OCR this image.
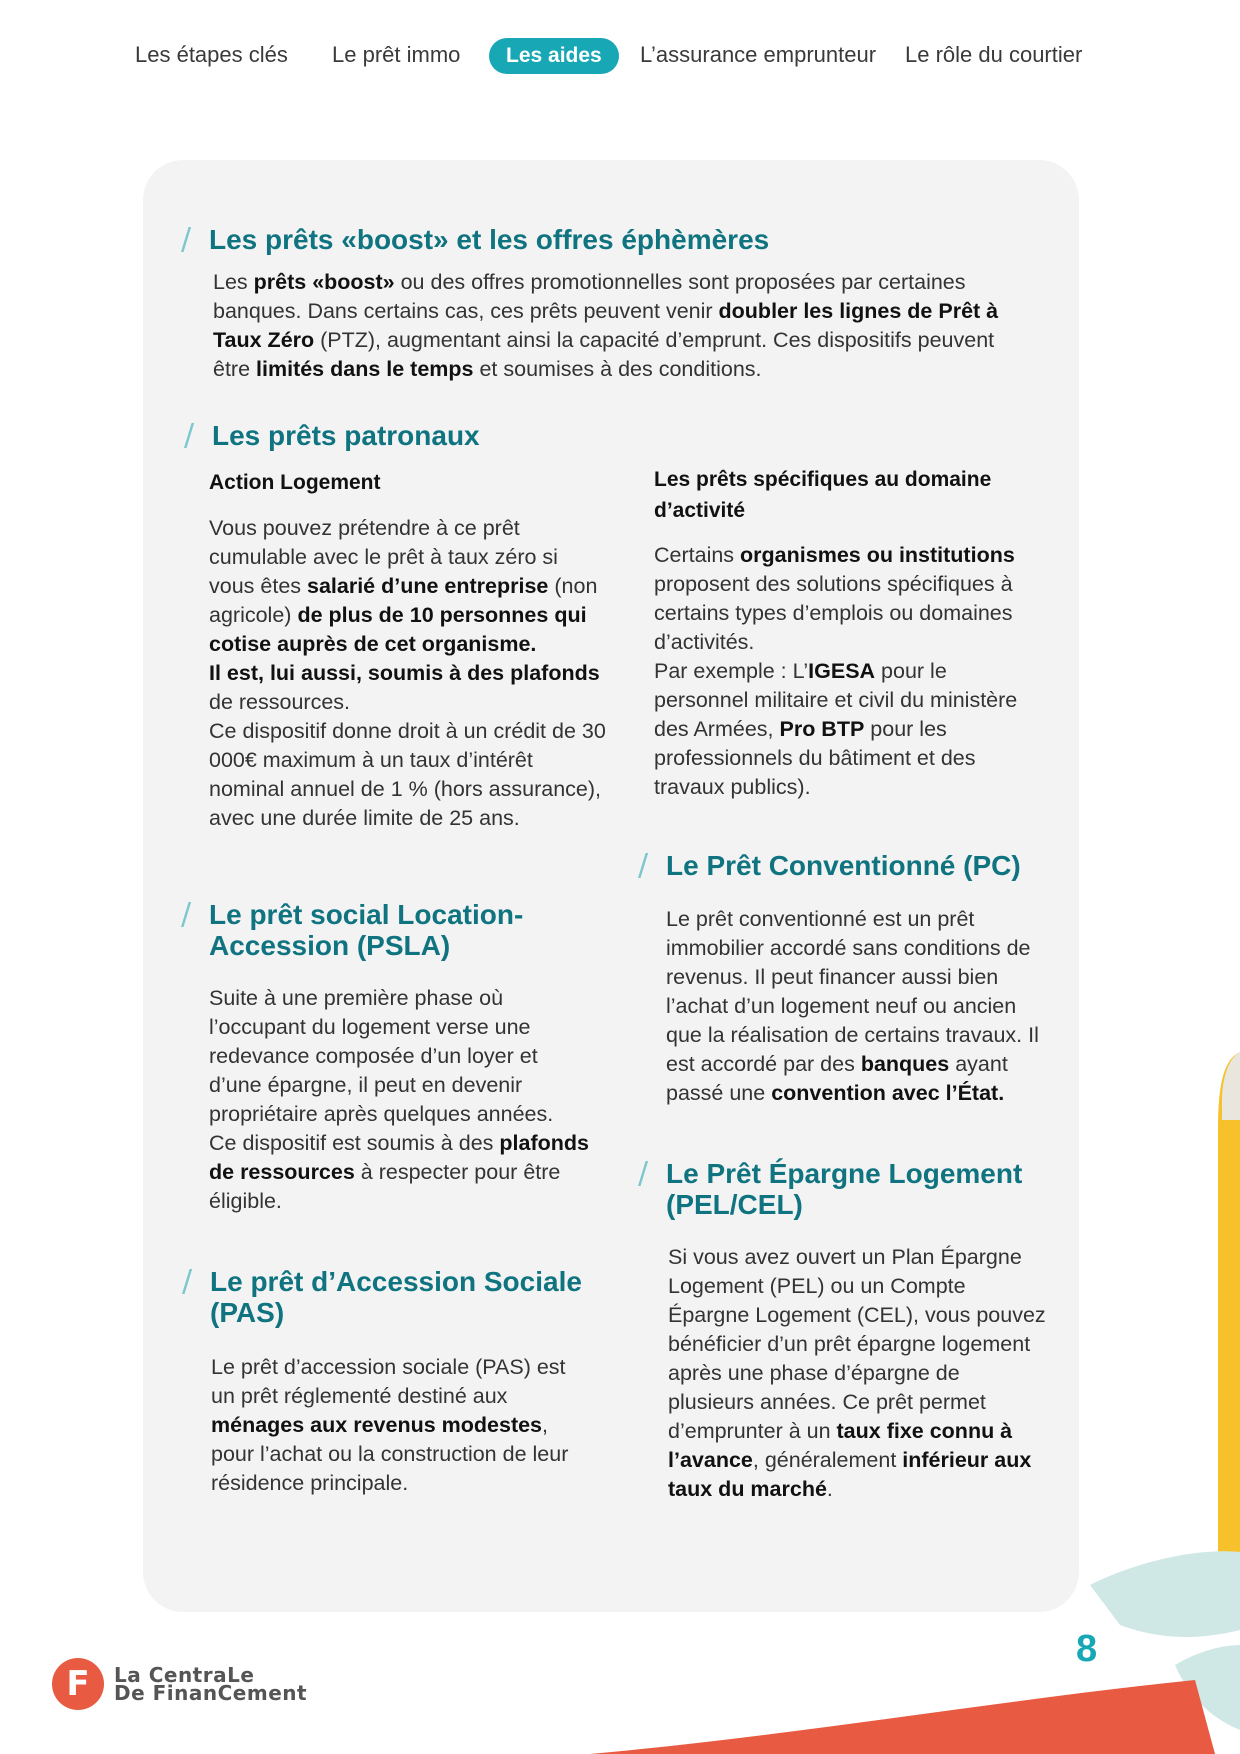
Les étapes clés Le prêt immo	Les aides	L’assurance emprunteur Le rôle du courtier
/ Les prêts «boost» et les offres éphèmères
Les prêts «boost» ou des offres promotionnelles sont proposées par certaines banques. Dans certains cas, ces prêts peuvent venir doubler les lignes de Prêt à Taux Zéro (PTZ), augmentant ainsi la capacité d’emprunt. Ces dispositifs peuvent être limités dans le temps et soumises à des conditions.
/ Les prêts patronaux
Action Logement
Vous pouvez prétendre à ce prêt cumulable avec le prêt à taux zéro si vous êtes salarié d’une entreprise (non agricole) de plus de 10 personnes qui cotise auprès de cet organisme.
Il est, lui aussi, soumis à des plafonds de ressources.
Ce dispositif donne droit à un crédit de 30 000€ maximum à un taux d’intérêt nominal annuel de 1 % (hors assurance), avec une durée limite de 25 ans.
Les prêts spécifiques au domaine d’activité
Certains organismes ou institutions proposent des solutions spécifiques à certains types d’emplois ou domaines d’activités.
Par exemple : L’IGESA pour le personnel militaire et civil du ministère des Armées, Pro BTP pour les professionnels du bâtiment et des travaux publics).
/ Le prêt social Location-Accession (PSLA)
Suite à une première phase où l’occupant du logement verse une redevance composée d’un loyer et d’une épargne, il peut en devenir propriétaire après quelques années.
Ce dispositif est soumis à des plafonds de ressources à respecter pour être éligible.
/ Le Prêt Conventionné (PC)
Le prêt conventionné est un prêt immobilier accordé sans conditions de revenus. Il peut financer aussi bien l’achat d’un logement neuf ou ancien que la réalisation de certains travaux. Il est accordé par des banques ayant passé une convention avec l’État.
/ Le prêt d’Accession Sociale (PAS)
Le prêt d’accession sociale (PAS) est un prêt réglementé destiné aux ménages aux revenus modestes, pour l’achat ou la construction de leur résidence principale.
/ Le Prêt Épargne Logement (PEL/CEL)
Si vous avez ouvert un Plan Épargne Logement (PEL) ou un Compte Épargne Logement (CEL), vous pouvez bénéficier d’un prêt épargne logement après une phase d’épargne de plusieurs années. Ce prêt permet d’emprunter à un taux fixe connu à l’avance, généralement inférieur aux taux du marché.
8
F	La CentraLe
De FinanCement
